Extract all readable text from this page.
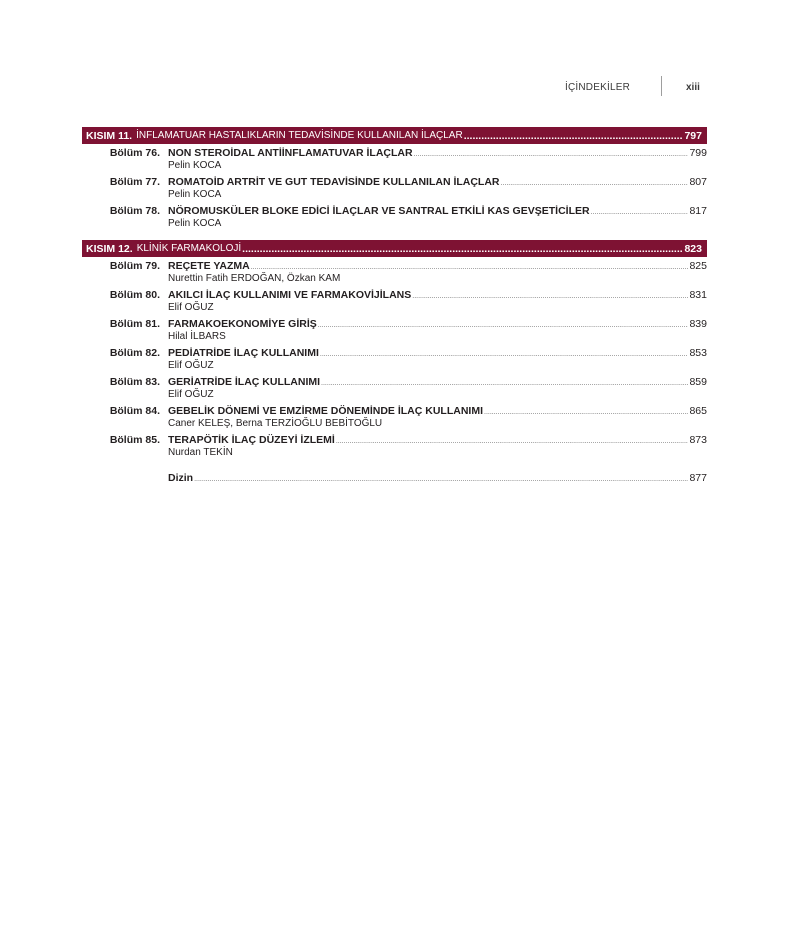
İÇİNDEKİLER	xiii
KISIM 11. İNFLAMATUAR HASTALIKLARIN TEDAVİSİNDE KULLANILAN İLAÇLAR .....	797
Bölüm 76. NON STEROİDAL ANTİİNFLAMATUVAR İLAÇLAR .....	799
Pelin KOCA
Bölüm 77. ROMATOİD ARTRİT VE GUT TEDAVİSİNDE KULLANILAN İLAÇLAR .....	807
Pelin KOCA
Bölüm 78. NÖROMUSKÜLER BLOKE EDİCİ İLAÇLAR VE SANTRAL ETKİLİ KAS GEVŞETİCİLER .....	817
Pelin KOCA
KISIM 12. KLİNİK FARMAKOLOJİ .....	823
Bölüm 79. REÇETE YAZMA .....	825
Nurettin Fatih ERDOĞAN, Özkan KAM
Bölüm 80. AKILCI İLAÇ KULLANIMI VE FARMAKOVİJİLANS .....	831
Elif OĞUZ
Bölüm 81. FARMAKOEKONOMİYE GİRİŞ .....	839
Hilal İLBARS
Bölüm 82. PEDİATRİDE İLAÇ KULLANIMI .....	853
Elif OĞUZ
Bölüm 83. GERİATRİDE İLAÇ KULLANIMI .....	859
Elif OĞUZ
Bölüm 84. GEBELİK DÖNEMİ VE EMZİRME DÖNEMİNDE İLAÇ KULLANIMI .....	865
Caner KELEŞ, Berna TERZİOĞLU BEBİTOĞLU
Bölüm 85. TERAPÖTİK İLAÇ DÜZEYİ İZLEMİ .....	873
Nurdan TEKİN
Dizin .....	877
